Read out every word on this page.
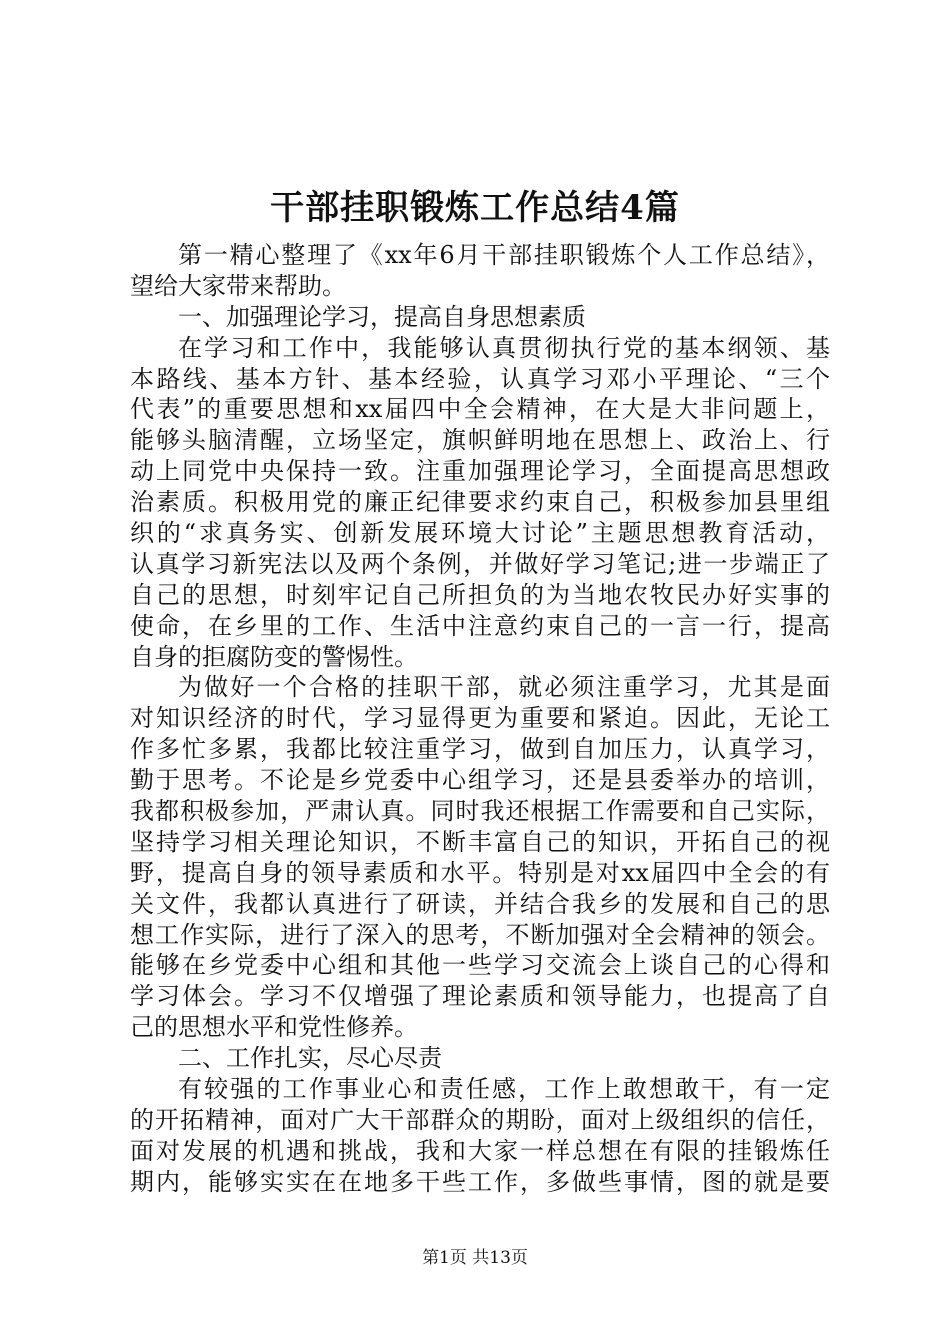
干部挂职锻炼工作总结4篇
第一精心整理了《xx年6月干部挂职锻炼个人工作总结》，
望给大家带来帮助。
一、加强理论学习，提高自身思想素质
在学习和工作中，我能够认真贯彻执行党的基本纲领、基
本路线、基本方针、基本经验，认真学习邓小平理论、“三个
代表”的重要思想和xx届四中全会精神，在大是大非问题上，
能够头脑清醒，立场坚定，旗帜鲜明地在思想上、政治上、行
动上同党中央保持一致。注重加强理论学习，全面提高思想政
治素质。积极用党的廉正纪律要求约束自己，积极参加县里组
织的“求真务实、创新发展环境大讨论”主题思想教育活动，
认真学习新宪法以及两个条例，并做好学习笔记;进一步端正了
自己的思想，时刻牢记自己所担负的为当地农牧民办好实事的
使命，在乡里的工作、生活中注意约束自己的一言一行，提高
自身的拒腐防变的警惕性。
为做好一个合格的挂职干部，就必须注重学习，尤其是面
对知识经济的时代，学习显得更为重要和紧迫。因此，无论工
作多忙多累，我都比较注重学习，做到自加压力，认真学习，
勤于思考。不论是乡党委中心组学习，还是县委举办的培训，
我都积极参加，严肃认真。同时我还根据工作需要和自己实际，
坚持学习相关理论知识，不断丰富自己的知识，开拓自己的视
野，提高自身的领导素质和水平。特别是对xx届四中全会的有
关文件，我都认真进行了研读，并结合我乡的发展和自己的思
想工作实际，进行了深入的思考，不断加强对全会精神的领会。
能够在乡党委中心组和其他一些学习交流会上谈自己的心得和
学习体会。学习不仅增强了理论素质和领导能力，也提高了自
己的思想水平和党性修养。
二、工作扎实，尽心尽责
有较强的工作事业心和责任感，工作上敢想敢干，有一定
的开拓精神，面对广大干部群众的期盼，面对上级组织的信任，
面对发展的机遇和挑战，我和大家一样总想在有限的挂锻炼任
期内，能够实实在在地多干些工作，多做些事情，图的就是要
第1页 共13页
